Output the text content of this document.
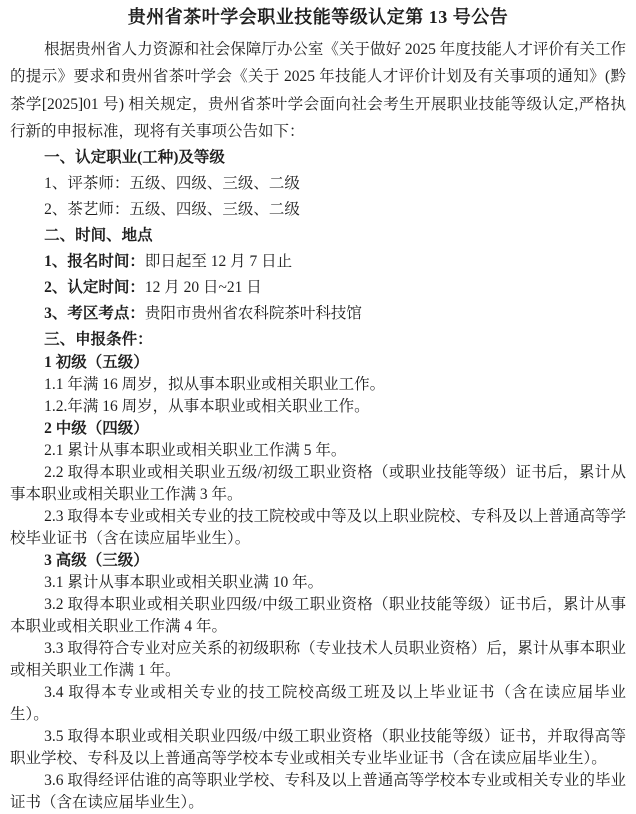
贵州省茶叶学会职业技能等级认定第 13 号公告

根据贵州省人力资源和社会保障厅办公室《关于做好 2025 年度技能人才评价有关工作的提示》要求和贵州省茶叶学会《关于 2025 年技能人才评价计划及有关事项的通知》(黔茶学[2025]01 号) 相关规定，贵州省茶叶学会面向社会考生开展职业技能等级认定,严格执行新的申报标准，现将有关事项公告如下：

一、认定职业(工种)及等级

1、评茶师：五级、四级、三级、二级

2、茶艺师：五级、四级、三级、二级

二、时间、地点

1、报名时间：即日起至 12 月 7 日止

2、认定时间：12 月 20 日~21 日

3、考区考点：贵阳市贵州省农科院茶叶科技馆

三、申报条件：

1 初级（五级）

1.1 年满 16 周岁，拟从事本职业或相关职业工作。

1.2.年满 16 周岁，从事本职业或相关职业工作。

2 中级（四级）

2.1 累计从事本职业或相关职业工作满 5 年。

2.2 取得本职业或相关职业五级/初级工职业资格（或职业技能等级）证书后，累计从事本职业或相关职业工作满 3 年。

2.3 取得本专业或相关专业的技工院校或中等及以上职业院校、专科及以上普通高等学校毕业证书（含在读应届毕业生）。

3 高级（三级）

3.1 累计从事本职业或相关职业满 10 年。

3.2 取得本职业或相关职业四级/中级工职业资格（职业技能等级）证书后，累计从事本职业或相关职业工作满 4 年。

3.3 取得符合专业对应关系的初级职称（专业技术人员职业资格）后，累计从事本职业或相关职业工作满 1 年。

3.4 取得本专业或相关专业的技工院校高级工班及以上毕业证书（含在读应届毕业生）。

3.5 取得本职业或相关职业四级/中级工职业资格（职业技能等级）证书，并取得高等职业学校、专科及以上普通高等学校本专业或相关专业毕业证书（含在读应届毕业生）。

3.6 取得经评估谁的高等职业学校、专科及以上普通高等学校本专业或相关专业的毕业证书（含在读应届毕业生）。
